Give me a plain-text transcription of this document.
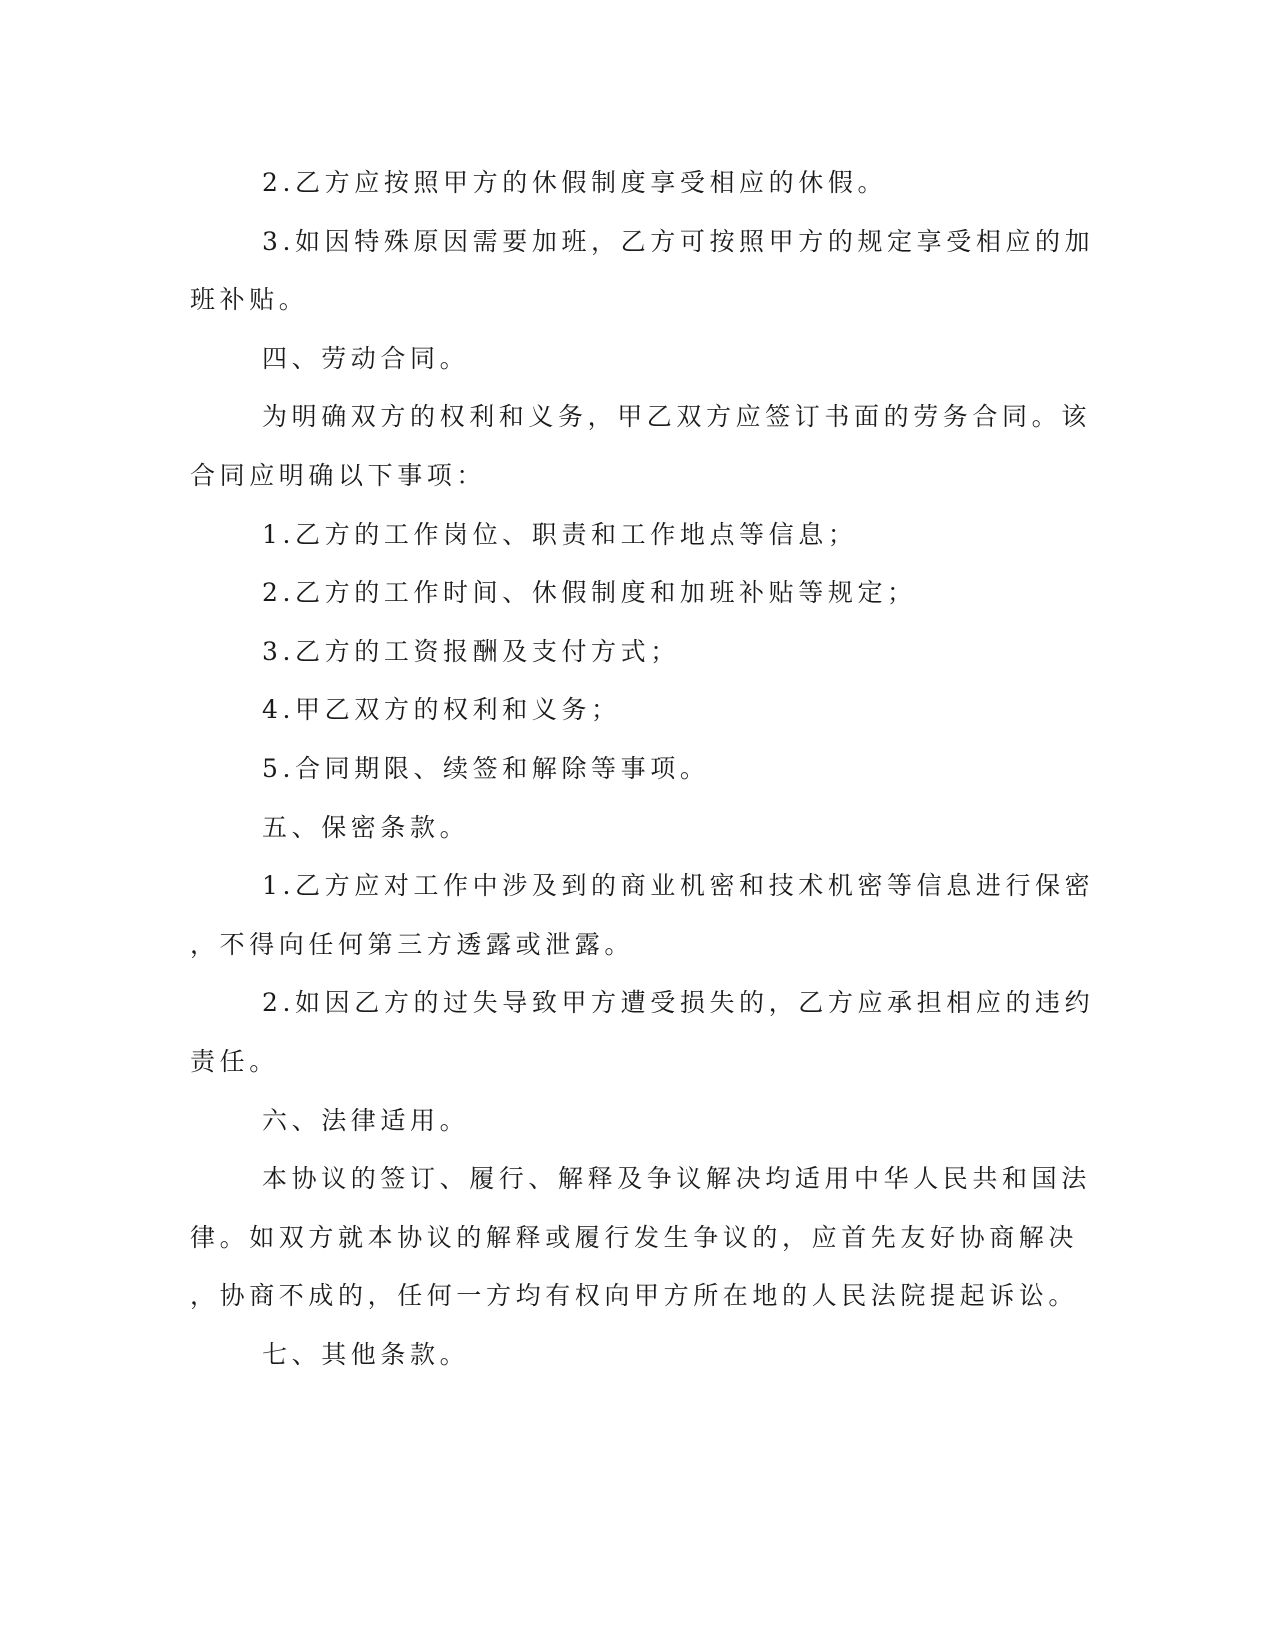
2.乙方应按照甲方的休假制度享受相应的休假。
3.如因特殊原因需要加班，乙方可按照甲方的规定享受相应的加
班补贴。
四、劳动合同。
为明确双方的权利和义务，甲乙双方应签订书面的劳务合同。该
合同应明确以下事项：
1.乙方的工作岗位、职责和工作地点等信息；
2.乙方的工作时间、休假制度和加班补贴等规定；
3.乙方的工资报酬及支付方式；
4.甲乙双方的权利和义务；
5.合同期限、续签和解除等事项。
五、保密条款。
1.乙方应对工作中涉及到的商业机密和技术机密等信息进行保密
，不得向任何第三方透露或泄露。
2.如因乙方的过失导致甲方遭受损失的，乙方应承担相应的违约
责任。
六、法律适用。
本协议的签订、履行、解释及争议解决均适用中华人民共和国法
律。如双方就本协议的解释或履行发生争议的，应首先友好协商解决
，协商不成的，任何一方均有权向甲方所在地的人民法院提起诉讼。
七、其他条款。
